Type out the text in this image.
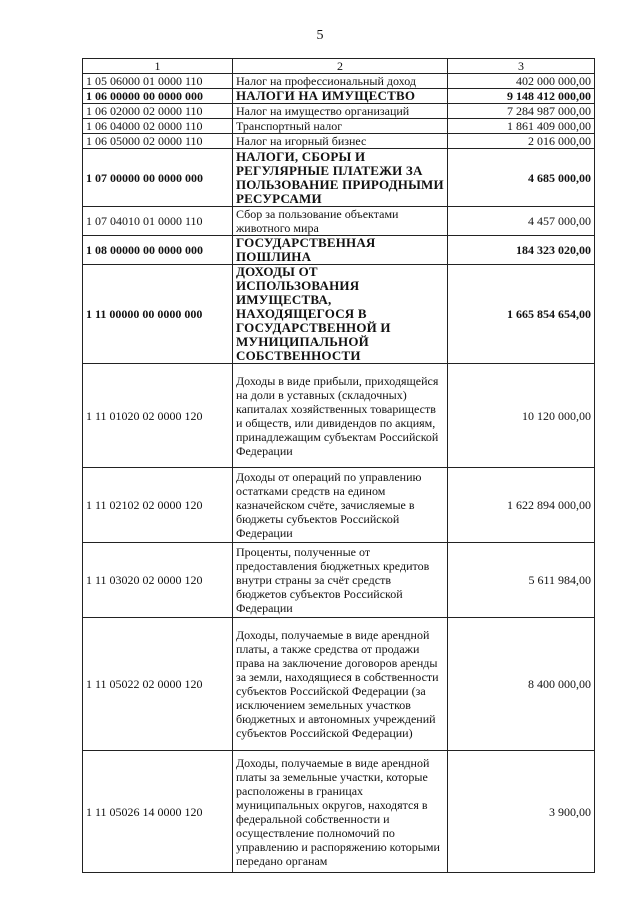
5
1	2	3
1 05 06000 01 0000 110	Налог на профессиональный доход	402 000 000,00
1 06 00000 00 0000 000	НАЛОГИ НА ИМУЩЕСТВО	9 148 412 000,00
1 06 02000 02 0000 110	Налог на имущество организаций	7 284 987 000,00
1 06 04000 02 0000 110	Транспортный налог	1 861 409 000,00
1 06 05000 02 0000 110	Налог на игорный бизнес	2 016 000,00
1 07 00000 00 0000 000	НАЛОГИ, СБОРЫ И РЕГУЛЯРНЫЕ ПЛАТЕЖИ ЗА ПОЛЬЗОВАНИЕ ПРИРОДНЫМИ РЕСУРСАМИ	4 685 000,00
1 07 04010 01 0000 110	Сбор за пользование объектами животного мира	4 457 000,00
1 08 00000 00 0000 000	ГОСУДАРСТВЕННАЯ ПОШЛИНА	184 323 020,00
1 11 00000 00 0000 000	ДОХОДЫ ОТ ИСПОЛЬЗОВАНИЯ ИМУЩЕСТВА, НАХОДЯЩЕГОСЯ В ГОСУДАРСТВЕННОЙ И МУНИЦИПАЛЬНОЙ СОБСТВЕННОСТИ	1 665 854 654,00
1 11 01020 02 0000 120	Доходы в виде прибыли, приходящейся на доли в уставных (складочных) капиталах хозяйственных товариществ и обществ, или дивидендов по акциям, принадлежащим субъектам Российской Федерации	10 120 000,00
1 11 02102 02 0000 120	Доходы от операций по управлению остатками средств на едином казначейском счёте, зачисляемые в бюджеты субъектов Российской Федерации	1 622 894 000,00
1 11 03020 02 0000 120	Проценты, полученные от предоставления бюджетных кредитов внутри страны за счёт средств бюджетов субъектов Российской Федерации	5 611 984,00
1 11 05022 02 0000 120	Доходы, получаемые в виде арендной платы, а также средства от продажи права на заключение договоров аренды за земли, находящиеся в собственности субъектов Российской Федерации (за исключением земельных участков бюджетных и автономных учреждений субъектов Российской Федерации)	8 400 000,00
1 11 05026 14 0000 120	Доходы, получаемые в виде арендной платы за земельные участки, которые расположены в границах муниципальных округов, находятся в федеральной собственности и осуществление полномочий по управлению и распоряжению которыми передано органам	3 900,00
